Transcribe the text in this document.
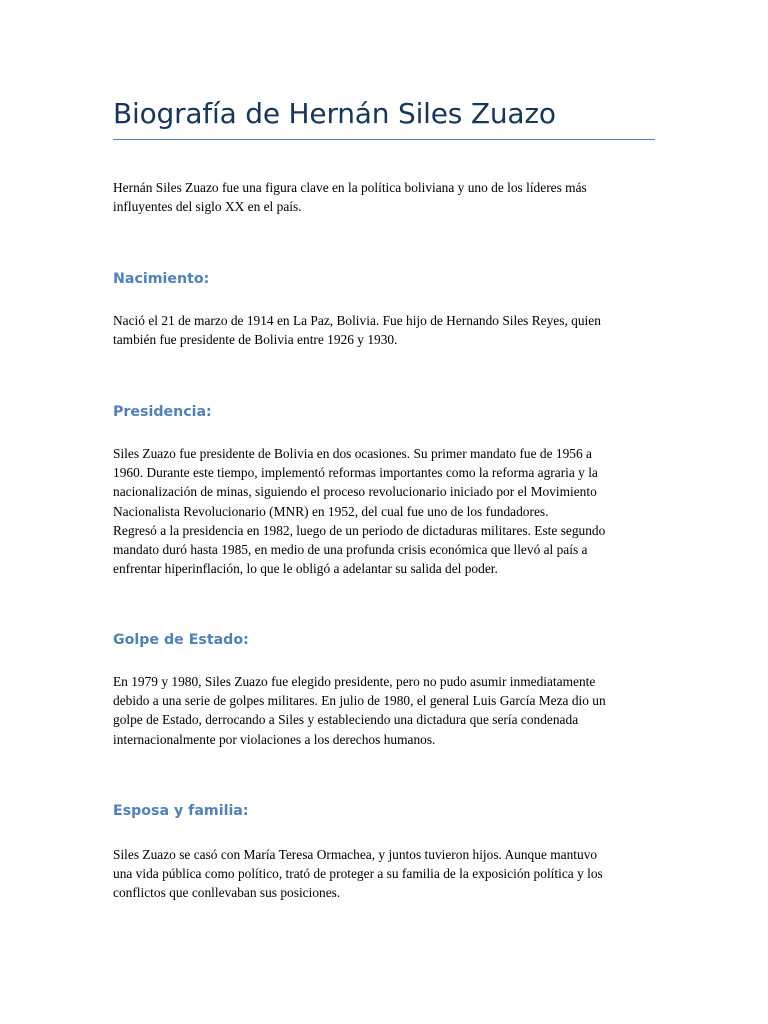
Biografía de Hernán Siles Zuazo

Hernán Siles Zuazo fue una figura clave en la política boliviana y uno de los líderes más
influyentes del siglo XX en el país.

Nacimiento:

Nació el 21 de marzo de 1914 en La Paz, Bolivia. Fue hijo de Hernando Siles Reyes, quien
también fue presidente de Bolivia entre 1926 y 1930.

Presidencia:

Siles Zuazo fue presidente de Bolivia en dos ocasiones. Su primer mandato fue de 1956 a
1960. Durante este tiempo, implementó reformas importantes como la reforma agraria y la
nacionalización de minas, siguiendo el proceso revolucionario iniciado por el Movimiento
Nacionalista Revolucionario (MNR) en 1952, del cual fue uno de los fundadores.
Regresó a la presidencia en 1982, luego de un periodo de dictaduras militares. Este segundo
mandato duró hasta 1985, en medio de una profunda crisis económica que llevó al país a
enfrentar hiperinflación, lo que le obligó a adelantar su salida del poder.

Golpe de Estado:

En 1979 y 1980, Siles Zuazo fue elegido presidente, pero no pudo asumir inmediatamente
debido a una serie de golpes militares. En julio de 1980, el general Luis García Meza dio un
golpe de Estado, derrocando a Siles y estableciendo una dictadura que sería condenada
internacionalmente por violaciones a los derechos humanos.

Esposa y familia:

Siles Zuazo se casó con María Teresa Ormachea, y juntos tuvieron hijos. Aunque mantuvo
una vida pública como político, trató de proteger a su familia de la exposición política y los
conflictos que conllevaban sus posiciones.
